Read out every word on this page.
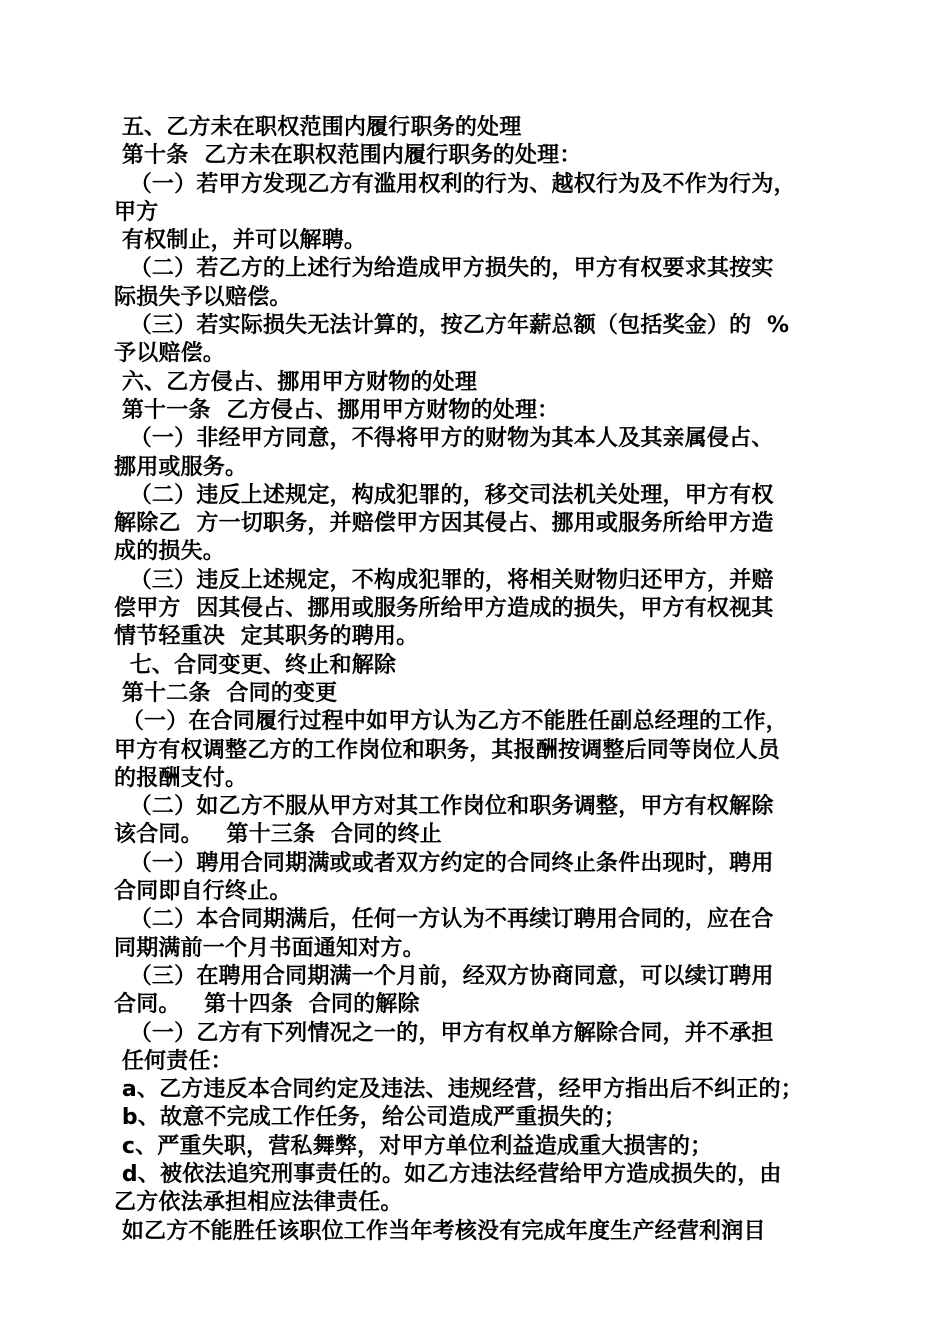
五、乙方未在职权范围内履行职务的处理
第十条  乙方未在职权范围内履行职务的处理：
（一）若甲方发现乙方有滥用权利的行为、越权行为及不作为行为，
甲方
有权制止，并可以解聘。
（二）若乙方的上述行为给造成甲方损失的，甲方有权要求其按实
际损失予以赔偿。
（三）若实际损失无法计算的，按乙方年薪总额（包括奖金）的  %
予以赔偿。
六、乙方侵占、挪用甲方财物的处理
第十一条  乙方侵占、挪用甲方财物的处理：
（一）非经甲方同意，不得将甲方的财物为其本人及其亲属侵占、
挪用或服务。
（二）违反上述规定，构成犯罪的，移交司法机关处理，甲方有权
解除乙  方一切职务，并赔偿甲方因其侵占、挪用或服务所给甲方造
成的损失。
（三）违反上述规定，不构成犯罪的，将相关财物归还甲方，并赔
偿甲方  因其侵占、挪用或服务所给甲方造成的损失，甲方有权视其
情节轻重决  定其职务的聘用。
七、合同变更、终止和解除
第十二条  合同的变更
（一）在合同履行过程中如甲方认为乙方不能胜任副总经理的工作，
甲方有权调整乙方的工作岗位和职务，其报酬按调整后同等岗位人员
的报酬支付。
（二）如乙方不服从甲方对其工作岗位和职务调整，甲方有权解除
该合同。   第十三条  合同的终止
（一）聘用合同期满或或者双方约定的合同终止条件出现时，聘用
合同即自行终止。
（二）本合同期满后，任何一方认为不再续订聘用合同的，应在合
同期满前一个月书面通知对方。
（三）在聘用合同期满一个月前，经双方协商同意，可以续订聘用
合同。   第十四条  合同的解除
（一）乙方有下列情况之一的，甲方有权单方解除合同，并不承担
任何责任：
a、乙方违反本合同约定及违法、违规经营，经甲方指出后不纠正的；
b、故意不完成工作任务，给公司造成严重损失的；
c、严重失职，营私舞弊，对甲方单位利益造成重大损害的；
d、被依法追究刑事责任的。如乙方违法经营给甲方造成损失的，由
乙方依法承担相应法律责任。
如乙方不能胜任该职位工作当年考核没有完成年度生产经营利润目
